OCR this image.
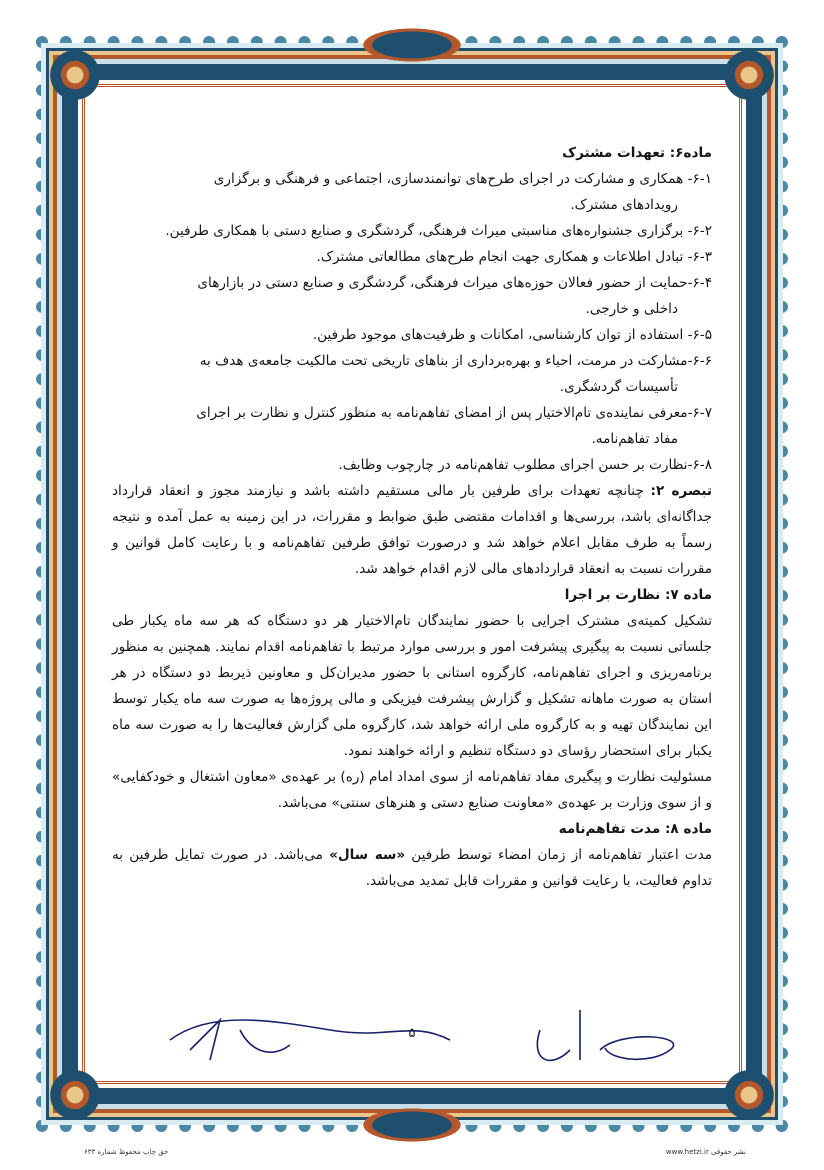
ماده۶: تعهدات مشترک

۶-۱- همکاری و مشارکت در اجرای طرح‌های توانمندسازی، اجتماعی و فرهنگی و برگزاری
رویدادهای مشترک.

۶-۲- برگزاری جشنواره‌های مناسبتی میراث فرهنگی، گردشگری و صنایع دستی با همکاری طرفین.

۶-۳- تبادل اطلاعات و همکاری جهت انجام طرح‌های مطالعاتی مشترک.

۶-۴-حمایت از حضور فعالان حوزه‌های میراث فرهنگی، گردشگری و صنایع دستی در بازارهای
داخلی و خارجی.

۶-۵- استفاده از توان کارشناسی، امکانات و ظرفیت‌های موجود طرفین.

۶-۶-مشارکت در مرمت، احیاء و بهره‌برداری از بناهای تاریخی تحت مالکیت جامعه‌ی هدف به
تأسیسات گردشگری.

۶-۷-معرفی نماینده‌ی تام‌الاختیار پس از امضای تفاهم‌نامه به منظور کنترل و نظارت بر اجرای
مفاد تفاهم‌نامه.

۶-۸-نظارت بر حسن اجرای مطلوب تفاهم‌نامه در چارچوب وظایف.

تبصره ۲: چنانچه تعهدات برای طرفین بار مالی مستقیم داشته باشد و نیازمند مجوز و انعقاد قرارداد جداگانه‌ای باشد، بررسی‌ها و اقدامات مقتضی طبق ضوابط و مقررات، در این زمینه به عمل آمده و نتیجه رسماً به طرف مقابل اعلام خواهد شد و درصورت توافق طرفین تفاهم‌نامه و با رعایت کامل قوانین و مقررات نسبت به انعقاد قراردادهای مالی لازم اقدام خواهد شد.

ماده ۷: نظارت بر اجرا

تشکیل کمیته‌ی مشترک اجرایی با حضور نمایندگان تام‌الاختیار هر دو دستگاه که هر سه ماه یکبار طی جلساتی نسبت به پیگیری پیشرفت امور و بررسی موارد مرتبط با تفاهم‌نامه اقدام نمایند. همچنین به منظور برنامه‌ریزی و اجرای تفاهم‌نامه، کارگروه استانی با حضور مدیران‌کل و معاونین ذیربط دو دستگاه در هر استان به صورت ماهانه تشکیل و گزارش پیشرفت فیزیکی و مالی پروژه‌ها به صورت سه ماه یکبار توسط این نمایندگان تهیه و به کارگروه ملی ارائه خواهد شد، کارگروه ملی گزارش فعالیت‌ها را به صورت سه ماه یکبار برای استحضار رؤسای دو دستگاه تنظیم و ارائه خواهند نمود.

مسئولیت نظارت و پیگیری مفاد تفاهم‌نامه از سوی امداد امام (ره) بر عهده‌ی «معاون اشتغال و خودکفایی» و از سوی وزارت بر عهده‌ی «معاونت صنایع دستی و هنرهای سنتی» می‌باشد.

ماده ۸: مدت تفاهم‌نامه

مدت اعتبار تفاهم‌نامه از زمان امضاء توسط طرفین «سه سال» می‌باشد. در صورت تمایل طرفین به تداوم فعالیت، با رعایت قوانین و مقررات قابل تمدید می‌باشد.

۵
حق چاپ محفوظ شماره ۶۳۳	www.hetzi.ir نشر حقوقی
